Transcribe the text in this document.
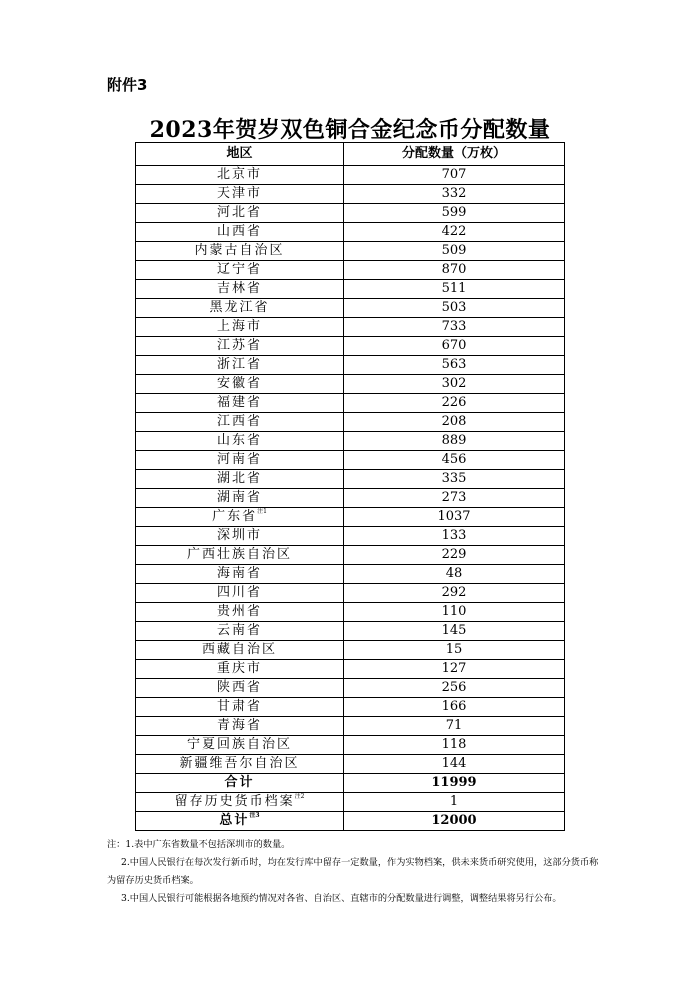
附件3
2023年贺岁双色铜合金纪念币分配数量
地区	分配数量（万枚）
北京市	707
天津市	332
河北省	599
山西省	422
内蒙古自治区	509
辽宁省	870
吉林省	511
黑龙江省	503
上海市	733
江苏省	670
浙江省	563
安徽省	302
福建省	226
江西省	208
山东省	889
河南省	456
湖北省	335
湖南省	273
广东省$^{注1}$	1037
深圳市	133
广西壮族自治区	229
海南省	48
四川省	292
贵州省	110
云南省	145
西藏自治区	15
重庆市	127
陕西省	256
甘肃省	166
青海省	71
宁夏回族自治区	118
新疆维吾尔自治区	144
合计	11999
留存历史货币档案$^{注2}$	1
总计$^{注3}$	12000

注：1.表中广东省数量不包括深圳市的数量。

2.中国人民银行在每次发行新币时，均在发行库中留存一定数量，作为实物档案，供未来货币研究使用，这部分货币称为留存历史货币档案。

3.中国人民银行可能根据各地预约情况对各省、自治区、直辖市的分配数量进行调整，调整结果将另行公布。
